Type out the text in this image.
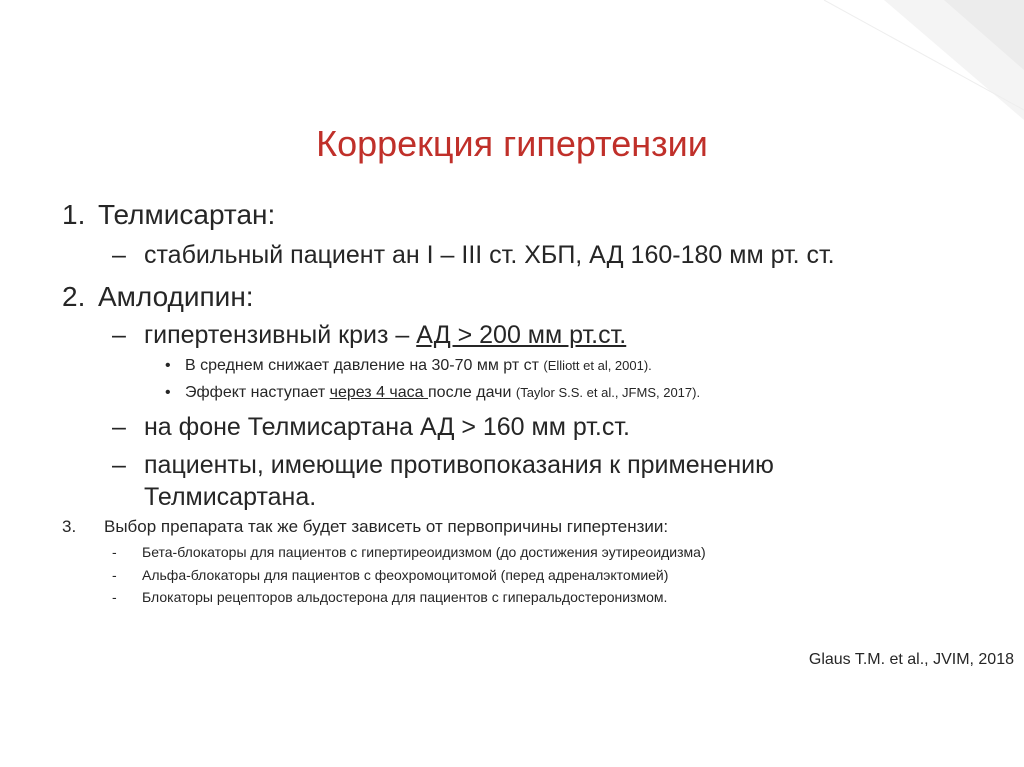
Коррекция гипертензии
1. Телмисартан:
– стабильный пациент ан I – III ст. ХБП, АД 160-180 мм рт. ст.
2. Амлодипин:
– гипертензивный криз – АД > 200 мм рт.ст.
• В среднем снижает давление на 30-70 мм рт ст (Elliott et al, 2001).
• Эффект наступает через 4 часа после дачи (Taylor S.S. et al., JFMS, 2017).
– на фоне Телмисартана АД > 160 мм рт.ст.
– пациенты, имеющие противопоказания к применению
Телмисартана.
3. Выбор препарата так же будет зависеть от первопричины гипертензии:
- Бета-блокаторы для пациентов с гипертиреоидизмом (до достижения эутиреоидизма)
- Альфа-блокаторы для пациентов с феохромоцитомой (перед адреналэктомией)
- Блокаторы рецепторов альдостерона для пациентов с гиперальдостеронизмом.
Glaus T.M. et al., JVIM, 2018
